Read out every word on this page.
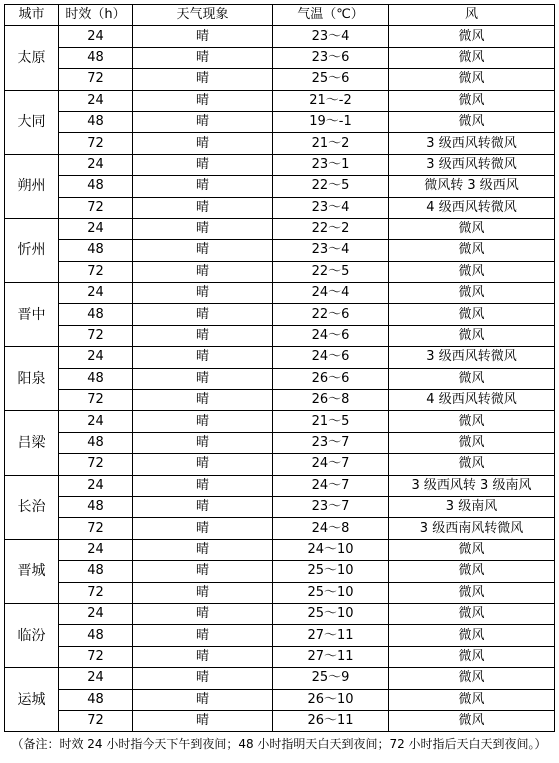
城市	时效（h）	天气现象	气温（℃）	风
太原	24	晴	23～4	微风
	48	晴	23～6	微风
	72	晴	25～6	微风
大同	24	晴	21～-2	微风
	48	晴	19～-1	微风
	72	晴	21～2	3 级西风转微风
朔州	24	晴	23～1	3 级西风转微风
	48	晴	22～5	微风转 3 级西风
	72	晴	23～4	4 级西风转微风
忻州	24	晴	22～2	微风
	48	晴	23～4	微风
	72	晴	22～5	微风
晋中	24	晴	24～4	微风
	48	晴	22～6	微风
	72	晴	24～6	微风
阳泉	24	晴	24～6	3 级西风转微风
	48	晴	26～6	微风
	72	晴	26～8	4 级西风转微风
吕梁	24	晴	21～5	微风
	48	晴	23～7	微风
	72	晴	24～7	微风
长治	24	晴	24～7	3 级西风转 3 级南风
	48	晴	23～7	3 级南风
	72	晴	24～8	3 级西南风转微风
晋城	24	晴	24～10	微风
	48	晴	25～10	微风
	72	晴	25～10	微风
临汾	24	晴	25～10	微风
	48	晴	27～11	微风
	72	晴	27～11	微风
运城	24	晴	25～9	微风
	48	晴	26～10	微风
	72	晴	26～11	微风
（备注：时效 24 小时指今天下午到夜间；48 小时指明天白天到夜间；72 小时指后天白天到夜间。）
